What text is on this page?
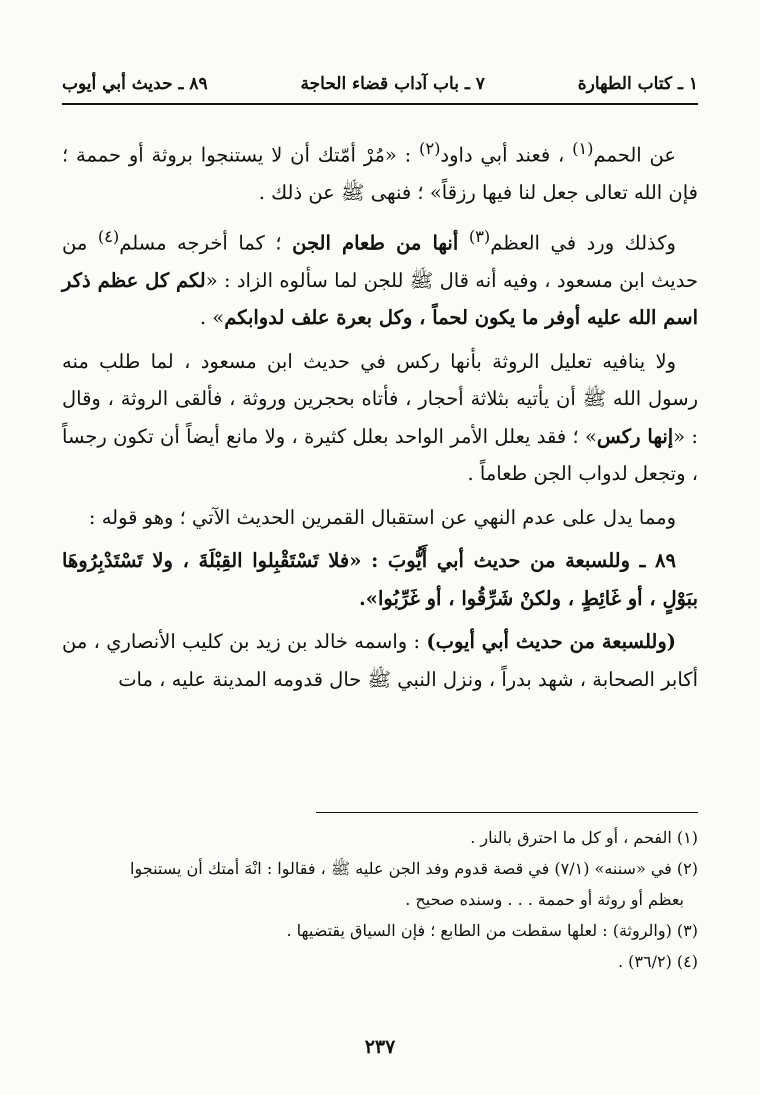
١ ـ كتاب الطهارة
٧ ـ باب آداب قضاء الحاجة
٨٩ ـ حديث أبي أيوب

عن الحمم$^{(١)}$ ، فعند أبي داود$^{(٢)}$ : «مُرْ أمّتك أن لا يستنجوا بروثة أو حممة ؛ فإن الله تعالى جعل لنا فيها رزقاً» ؛ فنهى ﷺ عن ذلك .

وكذلك ورد في العظم$^{(٣)}$ أنها من طعام الجن ؛ كما أخرجه مسلم$^{(٤)}$ من حديث ابن مسعود ، وفيه أنه قال ﷺ للجن لما سألوه الزاد : «لكم كل عظم ذكر اسم الله عليه أوفر ما يكون لحماً ، وكل بعرة علف لدوابكم» .

ولا ينافيه تعليل الروثة بأنها ركس في حديث ابن مسعود ، لما طلب منه رسول الله ﷺ أن يأتيه بثلاثة أحجار ، فأتاه بحجرين وروثة ، فألقى الروثة ، وقال : «إنها ركس» ؛ فقد يعلل الأمر الواحد بعلل كثيرة ، ولا مانع أيضاً أن تكون رجساً ، وتجعل لدواب الجن طعاماً .

ومما يدل على عدم النهي عن استقبال القمرين الحديث الآتي ؛ وهو قوله :

٨٩ ـ وللسبعة من حديث أبي أَيُّوبَ : «فلا تَسْتَقْبِلوا القِبْلَةَ ، ولا تَسْتَدْبِرُوهَا ببَوْلٍ ، أو غَائِطٍ ، ولكنْ شَرِّقُوا ، أو غَرِّبُوا».

(وللسبعة من حديث أبي أيوب) : واسمه خالد بن زيد بن كليب الأنصاري ، من أكابر الصحابة ، شهد بدراً ، ونزل النبي ﷺ حال قدومه المدينة عليه ، مات

(١) الفحم ، أو كل ما احترق بالنار .

(٢) في «سننه» (٧/١) في قصة قدوم وفد الجن عليه ﷺ ، فقالوا : انْهَ أمتك أن يستنجوا

بعظم أو روثة أو حممة . . . وسنده صحيح .

(٣) (والروثة) : لعلها سقطت من الطابع ؛ فإن السياق يقتضيها .

(٤) (٣٦/٢) .

٢٣٧
